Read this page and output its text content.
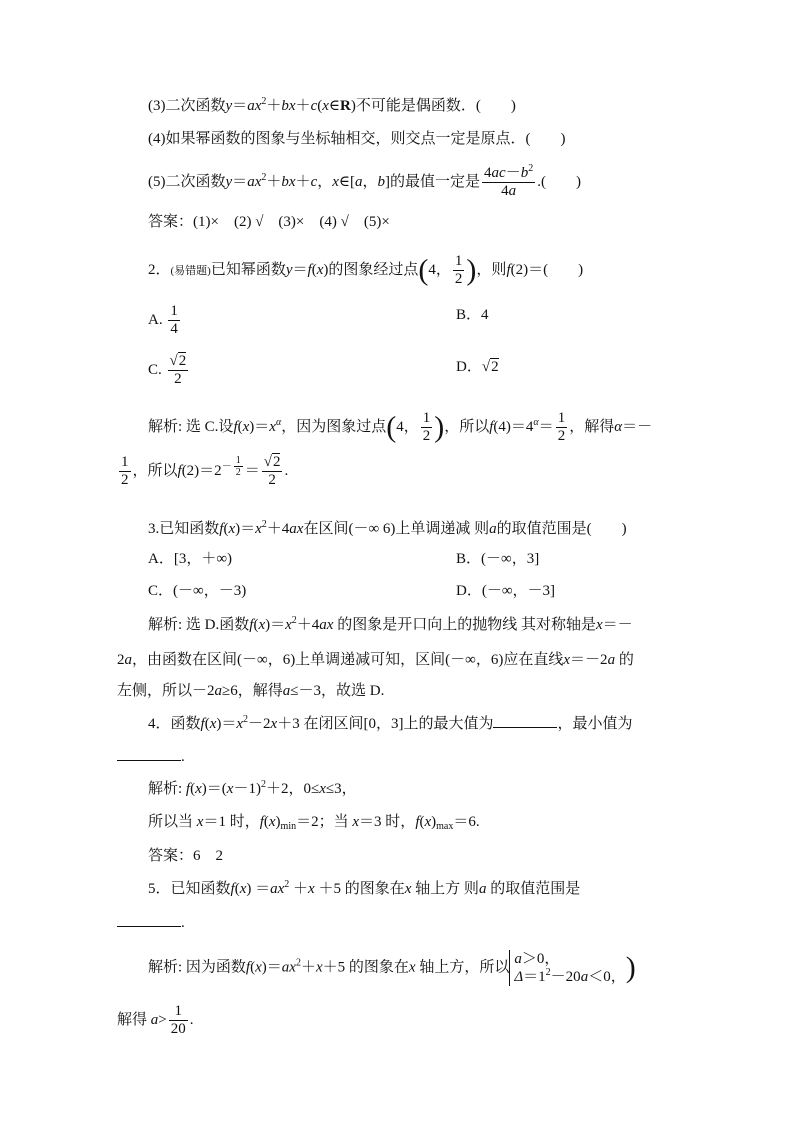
(3)二次函数$y=ax^2+bx+c(x\in R)$不可能是偶函数．(　　)
(4)如果幂函数的图象与坐标轴相交，则交点一定是原点．(　　)
(5)二次函数$y=ax^2+bx+c$，x∈[a，b]的最值一定是 $\frac{4ac-b^2}{4a}$ .(　　)
答案：(1)×　(2) √　(3)×　(4) √　(5)×
2．(易错题)已知幂函数y＝f(x)的图象经过点(4， $\frac{1}{2}$ )，则f(2)＝(　　)
A. $\frac{1}{4}$	B．4
C. $\frac{√2}{2}$	D．√2
解析: 选 C.设$f(x)=x^\alpha$，因为图象过点(4， $\frac{1}{2}$ )，所以$f(4)=4^\alpha= \frac{1}{2}$ ，解得α＝－
$\frac{1}{2}$ ，所以$f(2)=2^{- \frac{1}{2}} = \frac{√2}{2}$ .
3.已知函数$f(x)=x^2+4ax$在区间(－∞ 6)上单调递减 则a的取值范围是(　　)
A．[3，＋∞)	B．(－∞，3]
C．(－∞，－3)	D．(－∞，－3]
解析: 选 D.函数$f(x)=x^2+4ax$ 的图象是开口向上的抛物线 其对称轴是x＝－
2a，由函数在区间(－∞，6)上单调递减可知，区间(－∞，6)应在直线x＝－2a 的
左侧，所以－2a≥6，解得a≤－3，故选 D.
4．函数$f(x)=x^2-2x+3$ 在闭区间[0，3]上的最大值为	，最小值为
.
解析: $f(x)=(x-1)^2+2$，0≤x≤3，
所以当 x＝1 时，$f(x)_{min}=2$；当 x＝3 时，$f(x)_{max}=6$.
答案：6　2
5．已知函数$f(x) =ax^2 +x +5$ 的图象在x 轴上方 则a 的取值范围是
.
解析: 因为函数$f(x)=ax^2+x+5$ 的图象在x 轴上方，所以
a＞0，
$\Delta=1^2-20a<0$， )
解得 $a> \frac{1}{20}$ .
